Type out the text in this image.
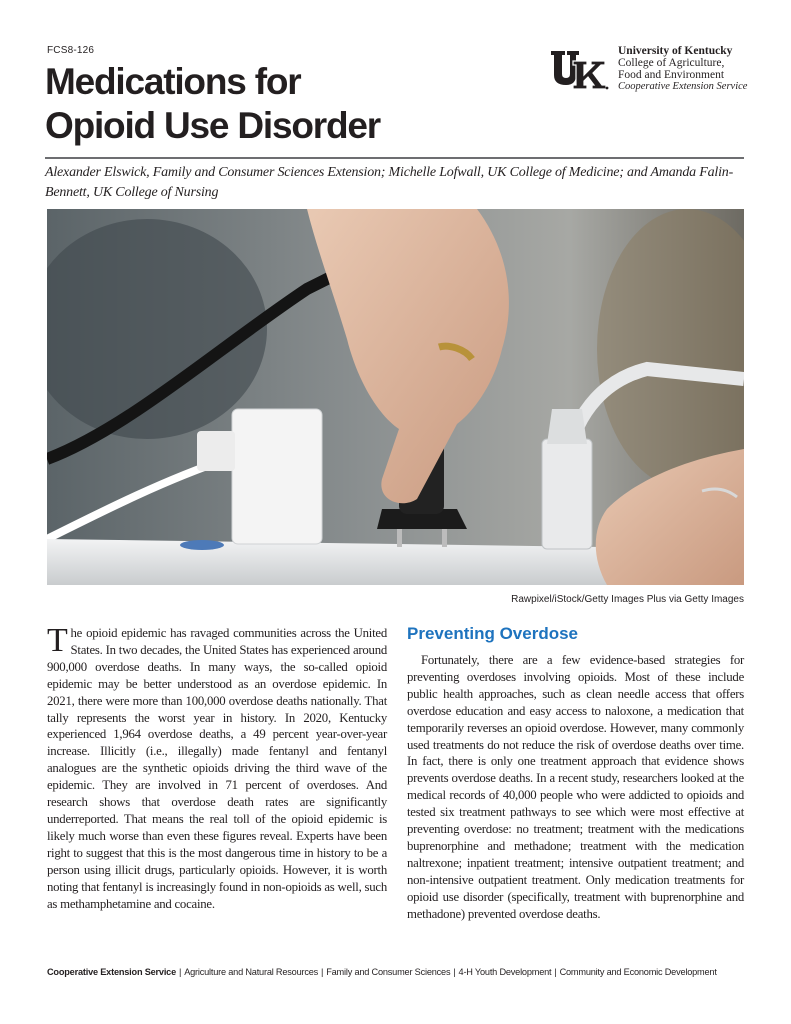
FCS8-126
Medications for
Opioid Use Disorder
University of Kentucky
College of Agriculture,
Food and Environment
Cooperative Extension Service
Alexander Elswick, Family and Consumer Sciences Extension; Michelle Lofwall, UK College of Medicine; and Amanda Falin-Bennett, UK College of Nursing
Rawpixel/iStock/Getty Images Plus via Getty Images
The opioid epidemic has ravaged communities across the United States. In two decades, the United States has experienced around 900,000 overdose deaths. In many ways, the so-called opioid epidemic may be better understood as an overdose epidemic. In 2021, there were more than 100,000 overdose deaths nationally. That tally represents the worst year in history. In 2020, Kentucky experienced 1,964 overdose deaths, a 49 percent year-over-year increase. Illicitly (i.e., illegally) made fentanyl and fentanyl analogues are the synthetic opioids driving the third wave of the epidemic. They are involved in 71 percent of overdoses. And research shows that overdose death rates are significantly underreported. That means the real toll of the opioid epidemic is likely much worse than even these figures reveal. Experts have been right to suggest that this is the most dangerous time in history to be a person using illicit drugs, particularly opioids. However, it is worth noting that fentanyl is increasingly found in non-opioids as well, such as methamphetamine and cocaine.
Preventing Overdose
Fortunately, there are a few evidence-based strategies for preventing overdoses involving opioids. Most of these include public health approaches, such as clean needle access that offers overdose education and easy access to naloxone, a medication that temporarily reverses an opioid overdose. However, many commonly used treatments do not reduce the risk of overdose deaths over time. In fact, there is only one treatment approach that evidence shows prevents overdose deaths. In a recent study, researchers looked at the medical records of 40,000 people who were addicted to opioids and tested six treatment pathways to see which were most effective at preventing overdose: no treatment; treatment with the medications buprenorphine and methadone; treatment with the medication naltrexone; inpatient treatment; intensive outpatient treatment; and non-intensive outpatient treatment. Only medication treatments for opioid use disorder (specifically, treatment with buprenorphine and methadone) prevented overdose deaths.
Cooperative Extension Service | Agriculture and Natural Resources | Family and Consumer Sciences | 4-H Youth Development | Community and Economic Development
